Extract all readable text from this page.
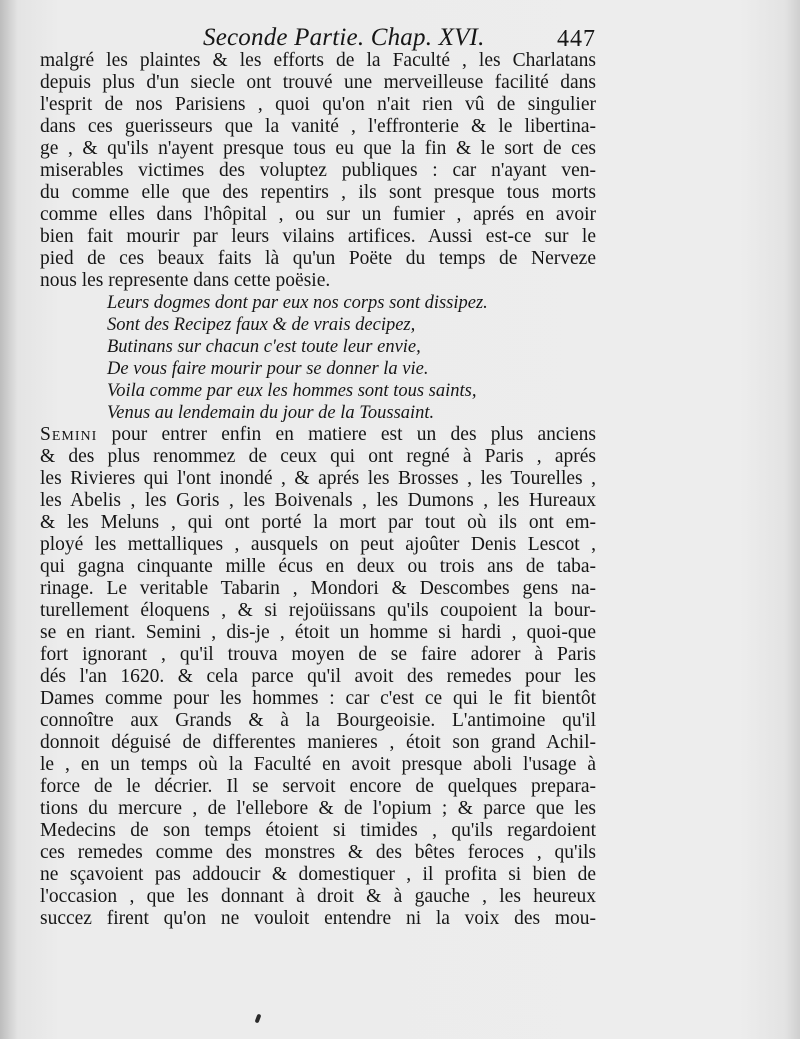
Seconde Partie. Chap. XVI.	447
malgré les plaintes & les efforts de la Faculté , les Charlatans
depuis plus d'un siecle ont trouvé une merveilleuse facilité dans
l'esprit de nos Parisiens , quoi qu'on n'ait rien vû de singulier
dans ces guerisseurs que la vanité , l'effronterie & le libertina-
ge , & qu'ils n'ayent presque tous eu que la fin & le sort de ces
miserables victimes des voluptez publiques : car n'ayant ven-
du comme elle que des repentirs , ils sont presque tous morts
comme elles dans l'hôpital , ou sur un fumier , aprés en avoir
bien fait mourir par leurs vilains artifices. Aussi est-ce sur le
pied de ces beaux faits là qu'un Poëte du temps de Nerveze
nous les represente dans cette poësie.
Leurs dogmes dont par eux nos corps sont dissipez.
Sont des Recipez faux & de vrais decipez,
Butinans sur chacun c'est toute leur envie,
De vous faire mourir pour se donner la vie.
Voila comme par eux les hommes sont tous saints,
Venus au lendemain du jour de la Toussaint.
Semini pour entrer enfin en matiere est un des plus anciens
& des plus renommez de ceux qui ont regné à Paris , aprés
les Rivieres qui l'ont inondé , & aprés les Brosses , les Tourelles ,
les Abelis , les Goris , les Boivenals , les Dumons , les Hureaux
& les Meluns , qui ont porté la mort par tout où ils ont em-
ployé les mettalliques , ausquels on peut ajoûter Denis Lescot ,
qui gagna cinquante mille écus en deux ou trois ans de taba-
rinage. Le veritable Tabarin , Mondori & Descombes gens na-
turellement éloquens , & si rejoüissans qu'ils coupoient la bour-
se en riant. Semini , dis-je , étoit un homme si hardi , quoi-que
fort ignorant , qu'il trouva moyen de se faire adorer à Paris
dés l'an 1620. & cela parce qu'il avoit des remedes pour les
Dames comme pour les hommes : car c'est ce qui le fit bientôt
connoître aux Grands & à la Bourgeoisie. L'antimoine qu'il
donnoit déguisé de differentes manieres , étoit son grand Achil-
le , en un temps où la Faculté en avoit presque aboli l'usage à
force de le décrier. Il se servoit encore de quelques prepara-
tions du mercure , de l'ellebore & de l'opium ; & parce que les
Medecins de son temps étoient si timides , qu'ils regardoient
ces remedes comme des monstres & des bêtes feroces , qu'ils
ne sçavoient pas addoucir & domestiquer , il profita si bien de
l'occasion , que les donnant à droit & à gauche , les heureux
succez firent qu'on ne vouloit entendre ni la voix des mou-
